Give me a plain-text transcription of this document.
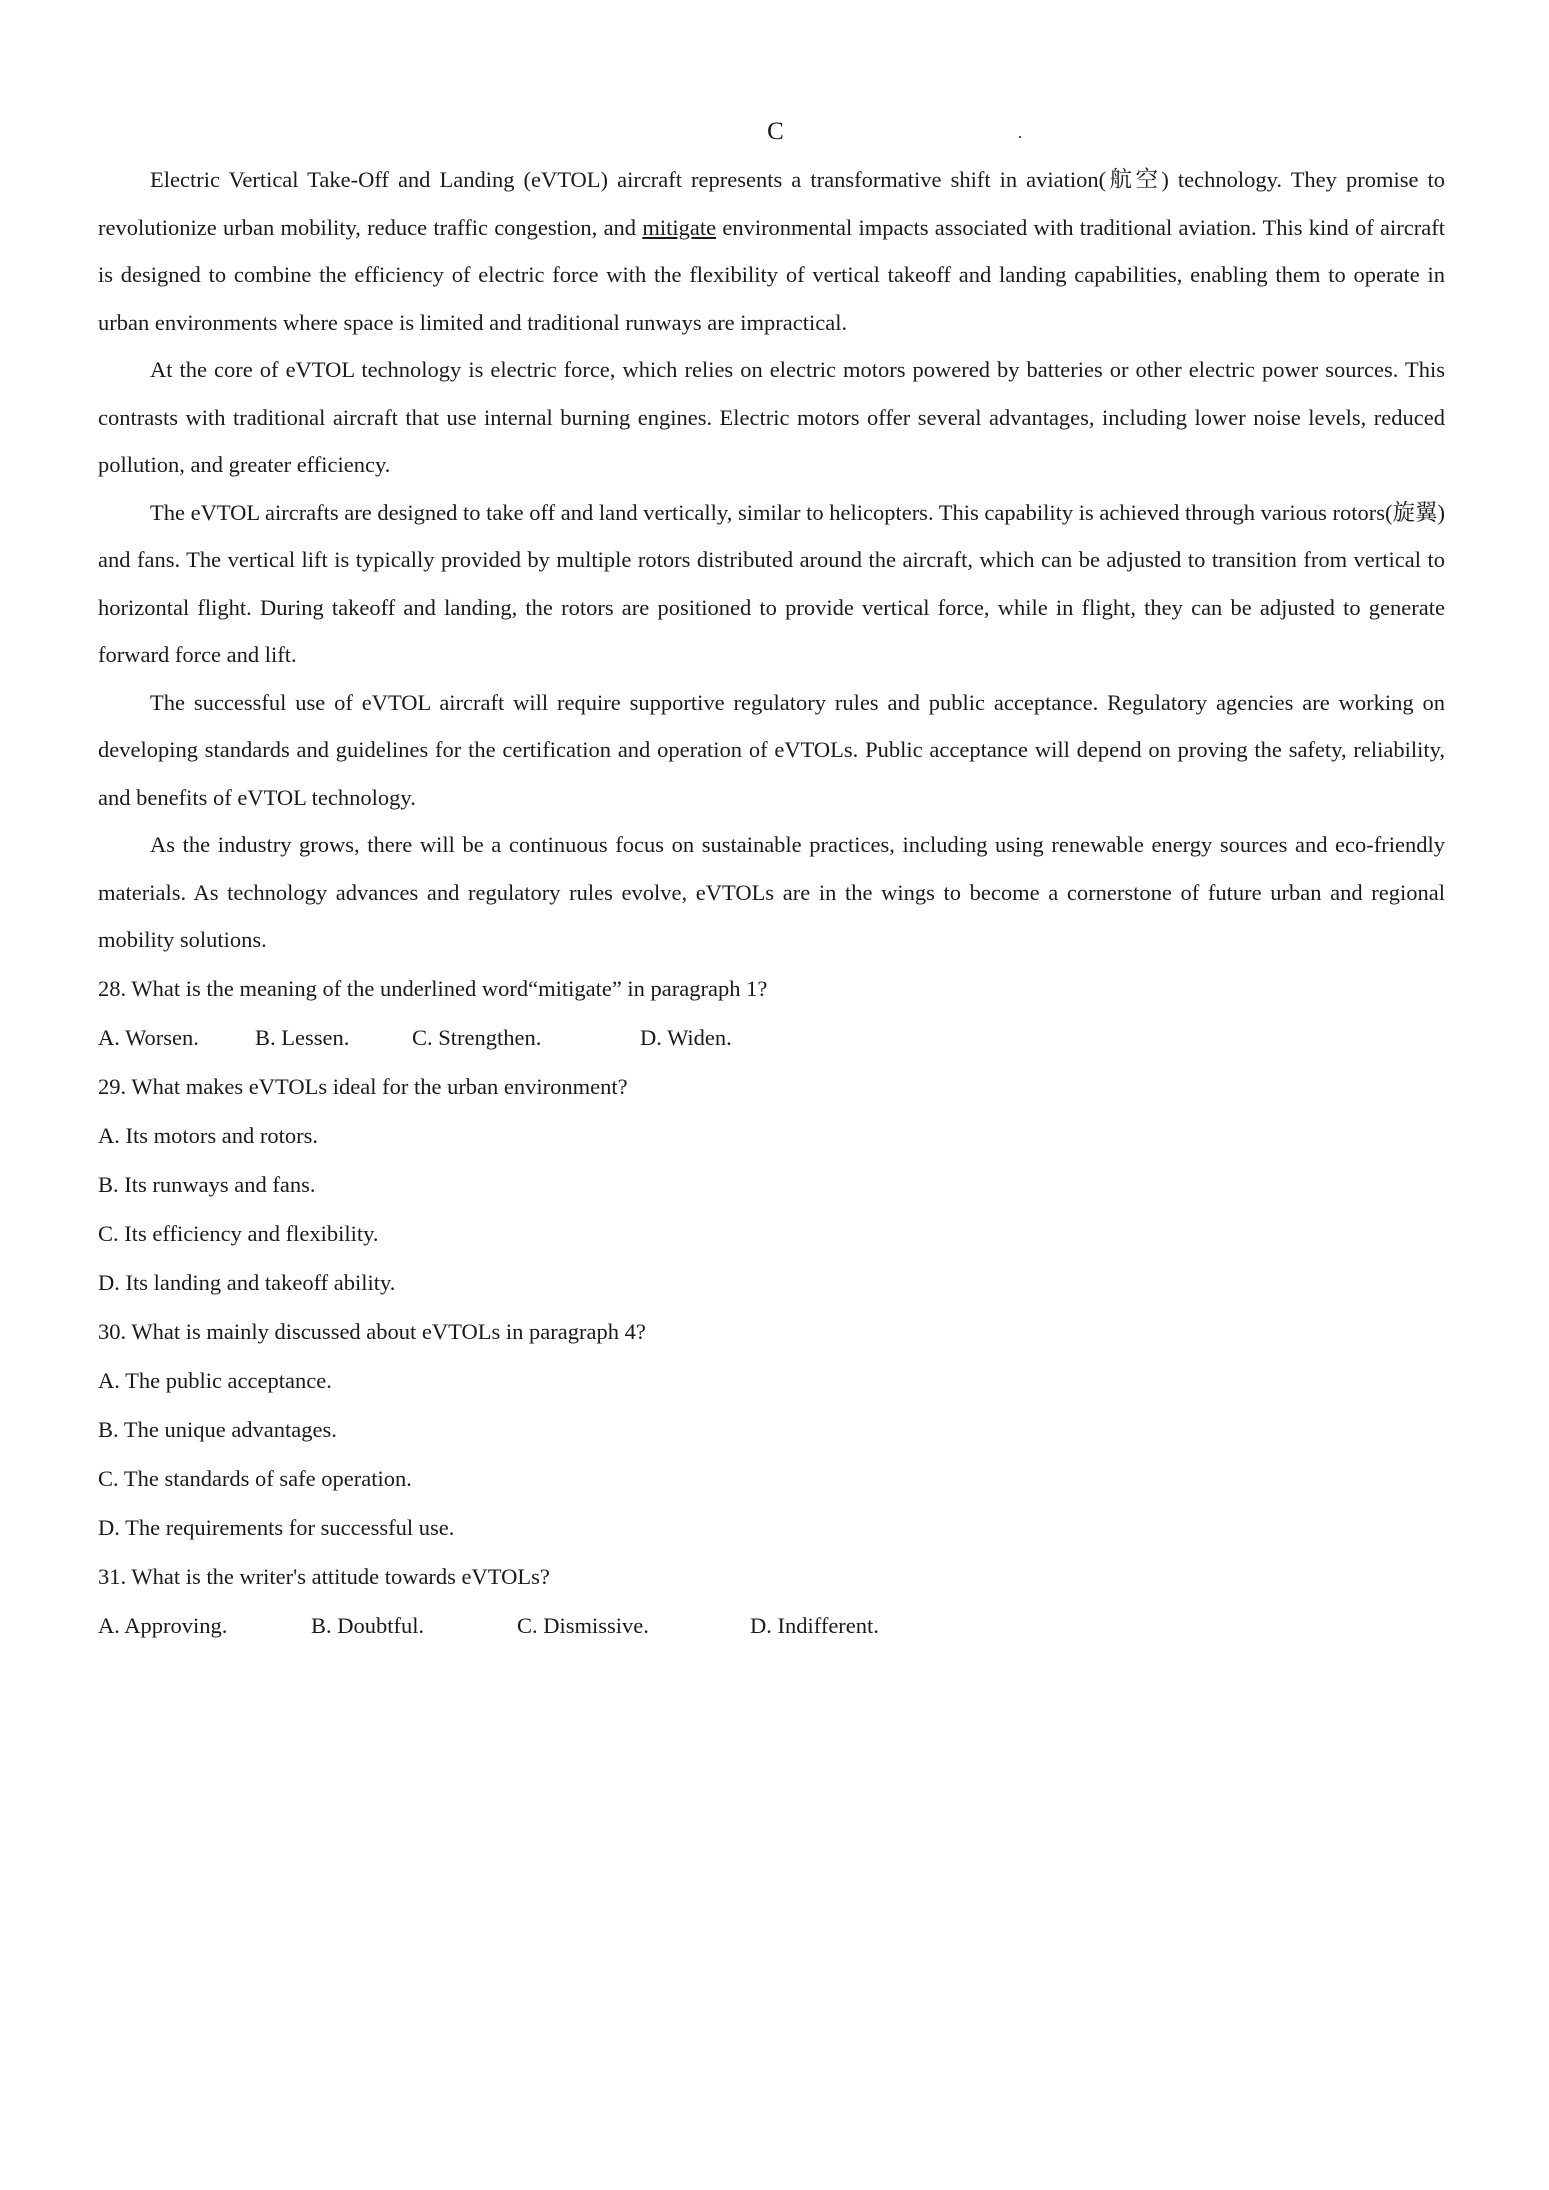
C

Electric Vertical Take-Off and Landing (eVTOL) aircraft represents a transformative shift in aviation(航空) technology. They promise to revolutionize urban mobility, reduce traffic congestion, and mitigate environmental impacts associated with traditional aviation. This kind of aircraft is designed to combine the efficiency of electric force with the flexibility of vertical takeoff and landing capabilities, enabling them to operate in urban environments where space is limited and traditional runways are impractical.

At the core of eVTOL technology is electric force, which relies on electric motors powered by batteries or other electric power sources. This contrasts with traditional aircraft that use internal burning engines. Electric motors offer several advantages, including lower noise levels, reduced pollution, and greater efficiency.

The eVTOL aircrafts are designed to take off and land vertically, similar to helicopters. This capability is achieved through various rotors(旋翼) and fans. The vertical lift is typically provided by multiple rotors distributed around the aircraft, which can be adjusted to transition from vertical to horizontal flight. During takeoff and landing, the rotors are positioned to provide vertical force, while in flight, they can be adjusted to generate forward force and lift.

The successful use of eVTOL aircraft will require supportive regulatory rules and public acceptance. Regulatory agencies are working on developing standards and guidelines for the certification and operation of eVTOLs. Public acceptance will depend on proving the safety, reliability, and benefits of eVTOL technology.

As the industry grows, there will be a continuous focus on sustainable practices, including using renewable energy sources and eco-friendly materials. As technology advances and regulatory rules evolve, eVTOLs are in the wings to become a cornerstone of future urban and regional mobility solutions.

28. What is the meaning of the underlined word“mitigate” in paragraph 1?

A. Worsen. B. Lessen.	C. Strengthen.	D. Widen.

29. What makes eVTOLs ideal for the urban environment?

A. Its motors and rotors.

B. Its runways and fans.

C. Its efficiency and flexibility.

D. Its landing and takeoff ability.

30. What is mainly discussed about eVTOLs in paragraph 4?

A. The public acceptance.

B. The unique advantages.

C. The standards of safe operation.

D. The requirements for successful use.

31. What is the writer's attitude towards eVTOLs?

A. Approving.	B. Doubtful.	C. Dismissive.	D. Indifferent.
